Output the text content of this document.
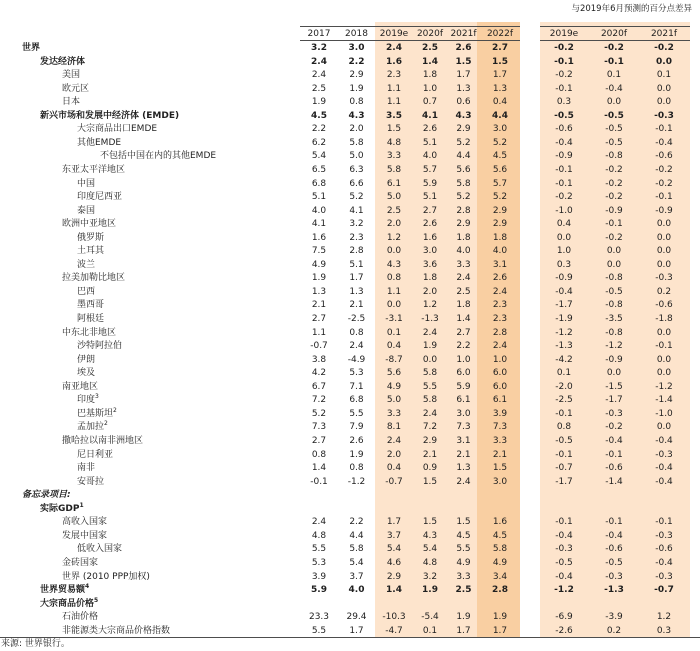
与2019年6月预测的百分点差异
2017	2018	2019e 2020f 2021f	2022f	2019e	2020f	2021f
世界	3.2	3.0	2.4	2.5	2.6	2.7	-0.2	-0.2	-0.2
发达经济体	2.4	2.2	1.6	1.4	1.5	1.5	-0.1	-0.1	0.0
美国	2.4	2.9	2.3	1.8	1.7	1.7	-0.2	0.1	0.1
欧元区	2.5	1.9	1.1	1.0	1.3	1.3	-0.1	-0.4	0.0
日本	1.9	0.8	1.1	0.7	0.6	0.4	0.3	0.0	0.0
新兴市场和发展中经济体 (EMDE)	4.5	4.3	3.5	4.1	4.3	4.4	-0.5	-0.5	-0.3
大宗商品出口EMDE	2.2	2.0	1.5	2.6	2.9	3.0	-0.6	-0.5	-0.1
其他EMDE	6.2	5.8	4.8	5.1	5.2	5.2	-0.4	-0.5	-0.4
不包括中国在内的其他EMDE	5.4	5.0	3.3	4.0	4.4	4.5	-0.9	-0.8	-0.6
东亚太平洋地区	6.5	6.3	5.8	5.7	5.6	5.6	-0.1	-0.2	-0.2
中国	6.8	6.6	6.1	5.9	5.8	5.7	-0.1	-0.2	-0.2
印度尼西亚	5.1	5.2	5.0	5.1	5.2	5.2	-0.2	-0.2	-0.1
泰国	4.0	4.1	2.5	2.7	2.8	2.9	-1.0	-0.9	-0.9
欧洲中亚地区	4.1	3.2	2.0	2.6	2.9	2.9	0.4	-0.1	0.0
俄罗斯	1.6	2.3	1.2	1.6	1.8	1.8	0.0	-0.2	0.0
土耳其	7.5	2.8	0.0	3.0	4.0	4.0	1.0	0.0	0.0
波兰	4.9	5.1	4.3	3.6	3.3	3.1	0.3	0.0	0.0
拉美加勒比地区	1.9	1.7	0.8	1.8	2.4	2.6	-0.9	-0.8	-0.3
巴西	1.3	1.3	1.1	2.0	2.5	2.4	-0.4	-0.5	0.2
墨西哥	2.1	2.1	0.0	1.2	1.8	2.3	-1.7	-0.8	-0.6
阿根廷	2.7	-2.5	-3.1	-1.3	1.4	2.3	-1.9	-3.5	-1.8
中东北非地区	1.1	0.8	0.1	2.4	2.7	2.8	-1.2	-0.8	0.0
沙特阿拉伯	-0.7	2.4	0.4	1.9	2.2	2.4	-1.3	-1.2	-0.1
伊朗	3.8	-4.9	-8.7	0.0	1.0	1.0	-4.2	-0.9	0.0
埃及	4.2	5.3	5.6	5.8	6.0	6.0	0.1	0.0	0.0
南亚地区	6.7	7.1	4.9	5.5	5.9	6.0	-2.0	-1.5	-1.2
印度$^3$	7.2	6.8	5.0	5.8	6.1	6.1	-2.5	-1.7	-1.4
巴基斯坦$^2$	5.2	5.5	3.3	2.4	3.0	3.9	-0.1	-0.3	-1.0
孟加拉$^2$	7.3	7.9	8.1	7.2	7.3	7.3	0.8	-0.2	0.0
撒哈拉以南非洲地区	2.7	2.6	2.4	2.9	3.1	3.3	-0.5	-0.4	-0.4
尼日利亚	0.8	1.9	2.0	2.1	2.1	2.1	-0.1	-0.1	-0.3
南非	1.4	0.8	0.4	0.9	1.3	1.5	-0.7	-0.6	-0.4
安哥拉	-0.1	-1.2	-0.7	1.5	2.4	3.0	-1.7	-1.4	-0.4
备忘录项目:
实际GDP$^1$
高收入国家	2.4	2.2	1.7	1.5	1.5	1.6	-0.1	-0.1	-0.1
发展中国家	4.8	4.4	3.7	4.3	4.5	4.5	-0.4	-0.4	-0.3
低收入国家	5.5	5.8	5.4	5.4	5.5	5.8	-0.3	-0.6	-0.6
金砖国家	5.3	5.4	4.6	4.8	4.9	4.9	-0.5	-0.5	-0.4
世界 (2010 PPP加权)	3.9	3.7	2.9	3.2	3.3	3.4	-0.4	-0.3	-0.3
世界贸易额$^4$	5.9	4.0	1.4	1.9	2.5	2.8	-1.2	-1.3	-0.7
大宗商品价格$^5$
石油价格	23.3	29.4	-10.3	-5.4	1.9	1.9	-6.9	-3.9	1.2
非能源类大宗商品价格指数	5.5	1.7	-4.7	0.1	1.7	1.7	-2.6	0.2	0.3
来源: 世界银行。
